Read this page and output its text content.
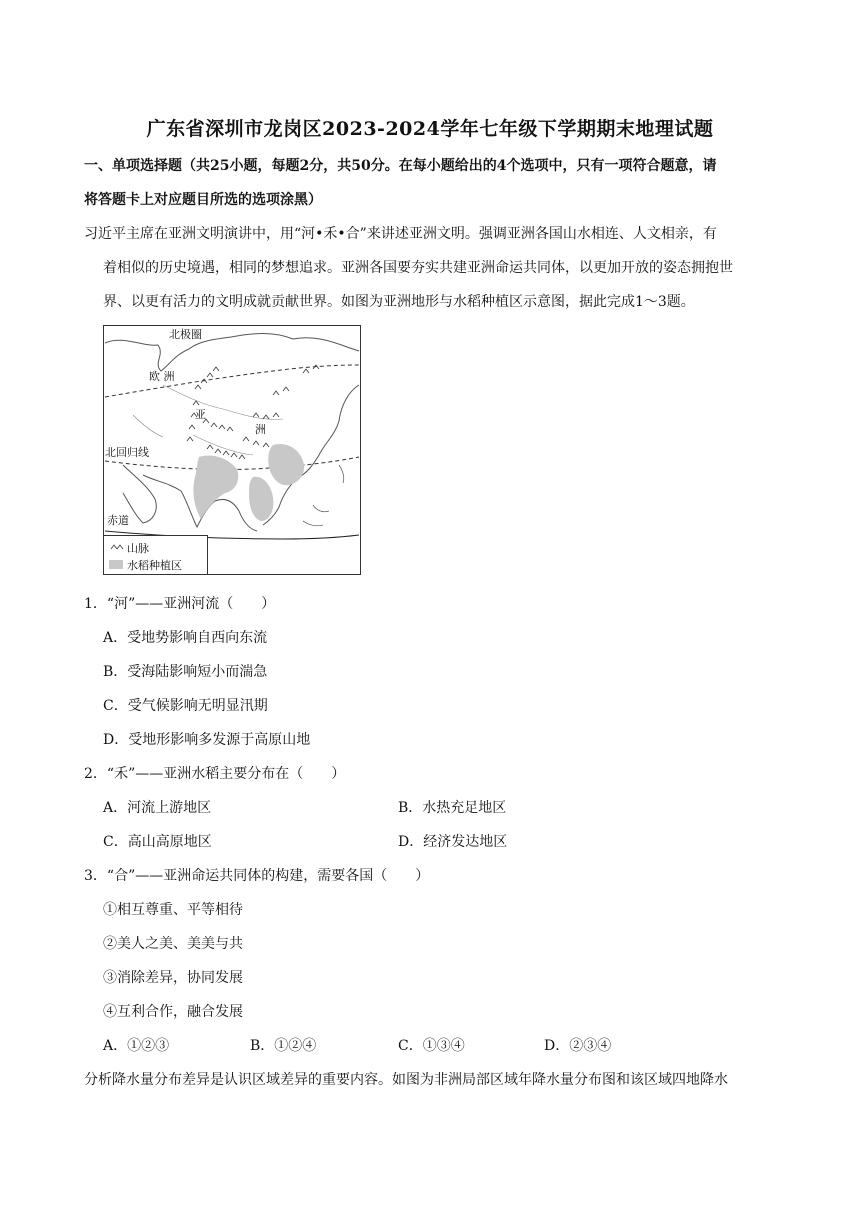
广东省深圳市龙岗区2023-2024学年七年级下学期期末地理试题
一、单项选择题（共25小题，每题2分，共50分。在每小题给出的4个选项中，只有一项符合题意，请
将答题卡上对应题目所选的选项涂黑）
习近平主席在亚洲文明演讲中，用“河•禾•合”来讲述亚洲文明。强调亚洲各国山水相连、人文相亲，有
着相似的历史境遇，相同的梦想追求。亚洲各国要夯实共建亚洲命运共同体，以更加开放的姿态拥抱世
界、以更有活力的文明成就贡献世界。如图为亚洲地形与水稻种植区示意图，据此完成1～3题。
北极圈
欧 洲
亚
洲
北回归线
赤道
山脉
水稻种植区
1．“河”——亚洲河流（　　）
A．受地势影响自西向东流
B．受海陆影响短小而湍急
C．受气候影响无明显汛期
D．受地形影响多发源于高原山地
2．“禾”——亚洲水稻主要分布在（　　）
A．河流上游地区	B．水热充足地区
C．高山高原地区	D．经济发达地区
3．“合”——亚洲命运共同体的构建，需要各国（　　）
①相互尊重、平等相待
②美人之美、美美与共
③消除差异，协同发展
④互利合作，融合发展
A．①②③	B．①②④	C．①③④	D．②③④
分析降水量分布差异是认识区域差异的重要内容。如图为非洲局部区域年降水量分布图和该区域四地降水
